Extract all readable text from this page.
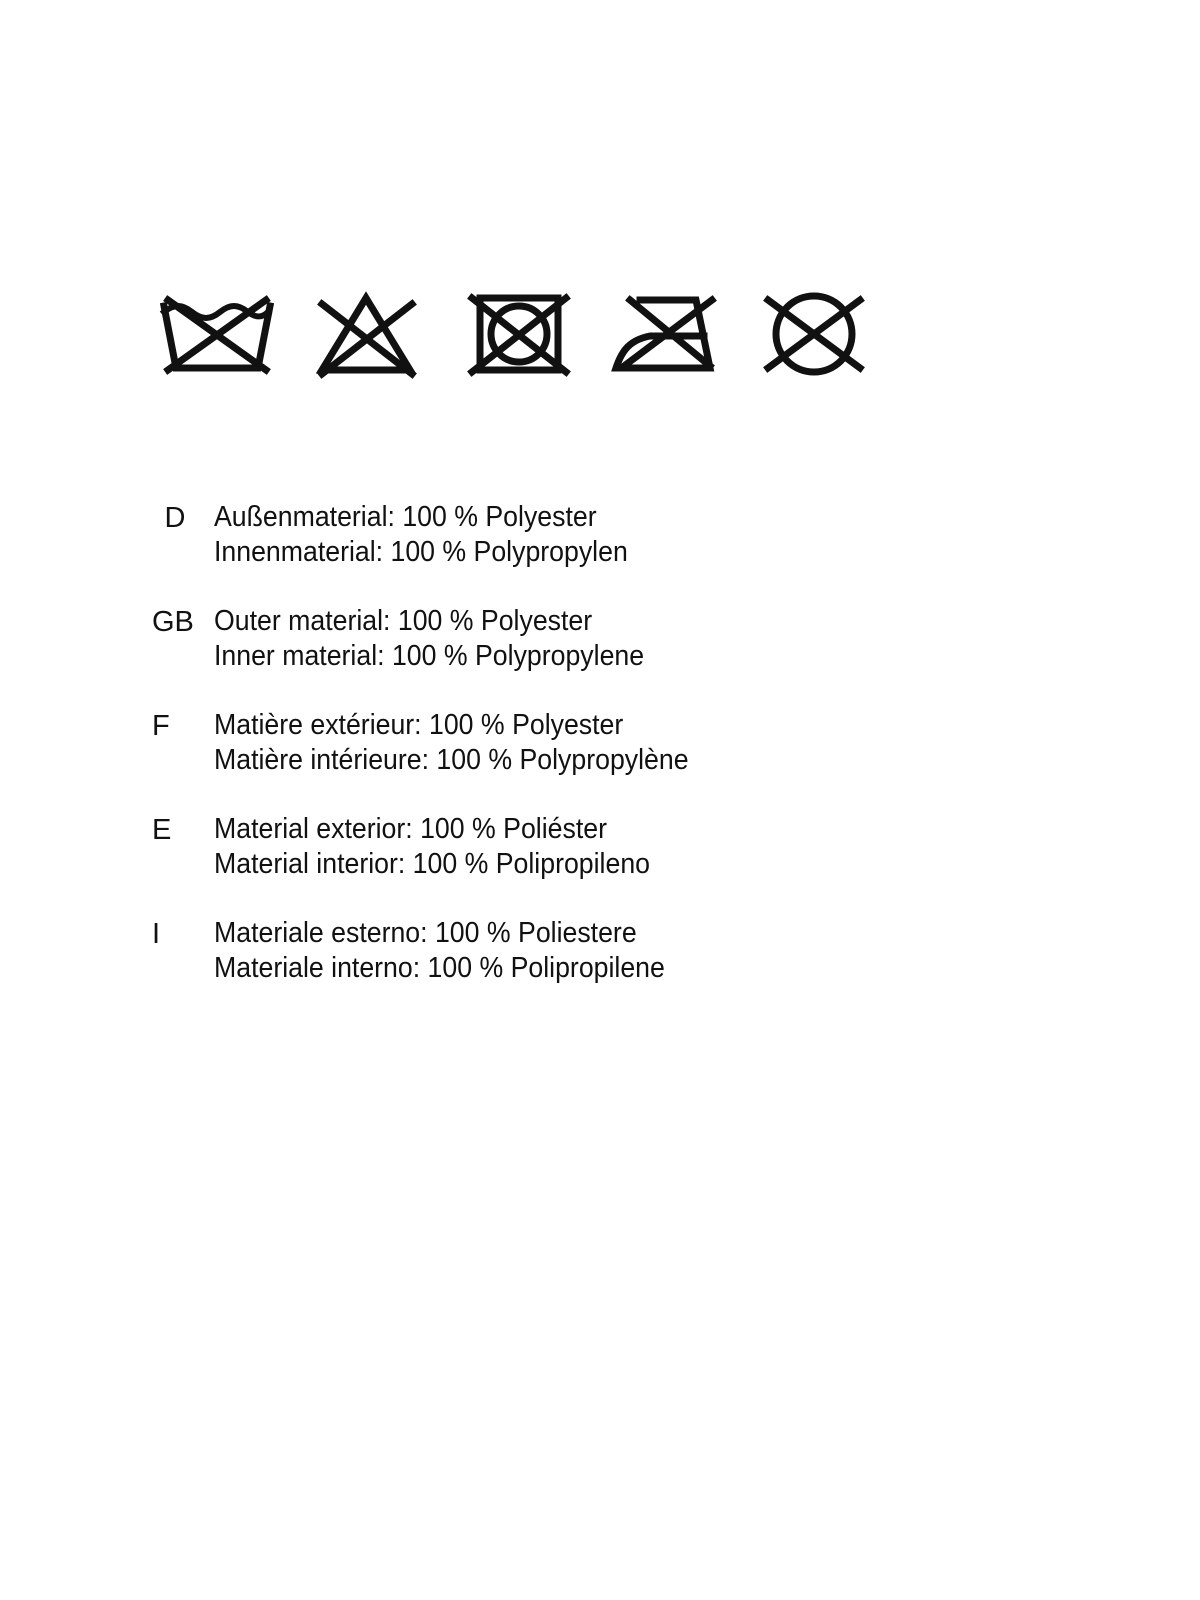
D Außenmaterial: 100 % Polyester
Innenmaterial: 100 % Polypropylen
GB Outer material: 100 % Polyester
Inner material: 100 % Polypropylene
F	Matière extérieur: 100 % Polyester
Matière intérieure: 100 % Polypropylène
E	Material exterior: 100 % Poliéster
Material interior: 100 % Polipropileno
I	Materiale esterno: 100 % Poliestere
Materiale interno: 100 % Polipropilene
